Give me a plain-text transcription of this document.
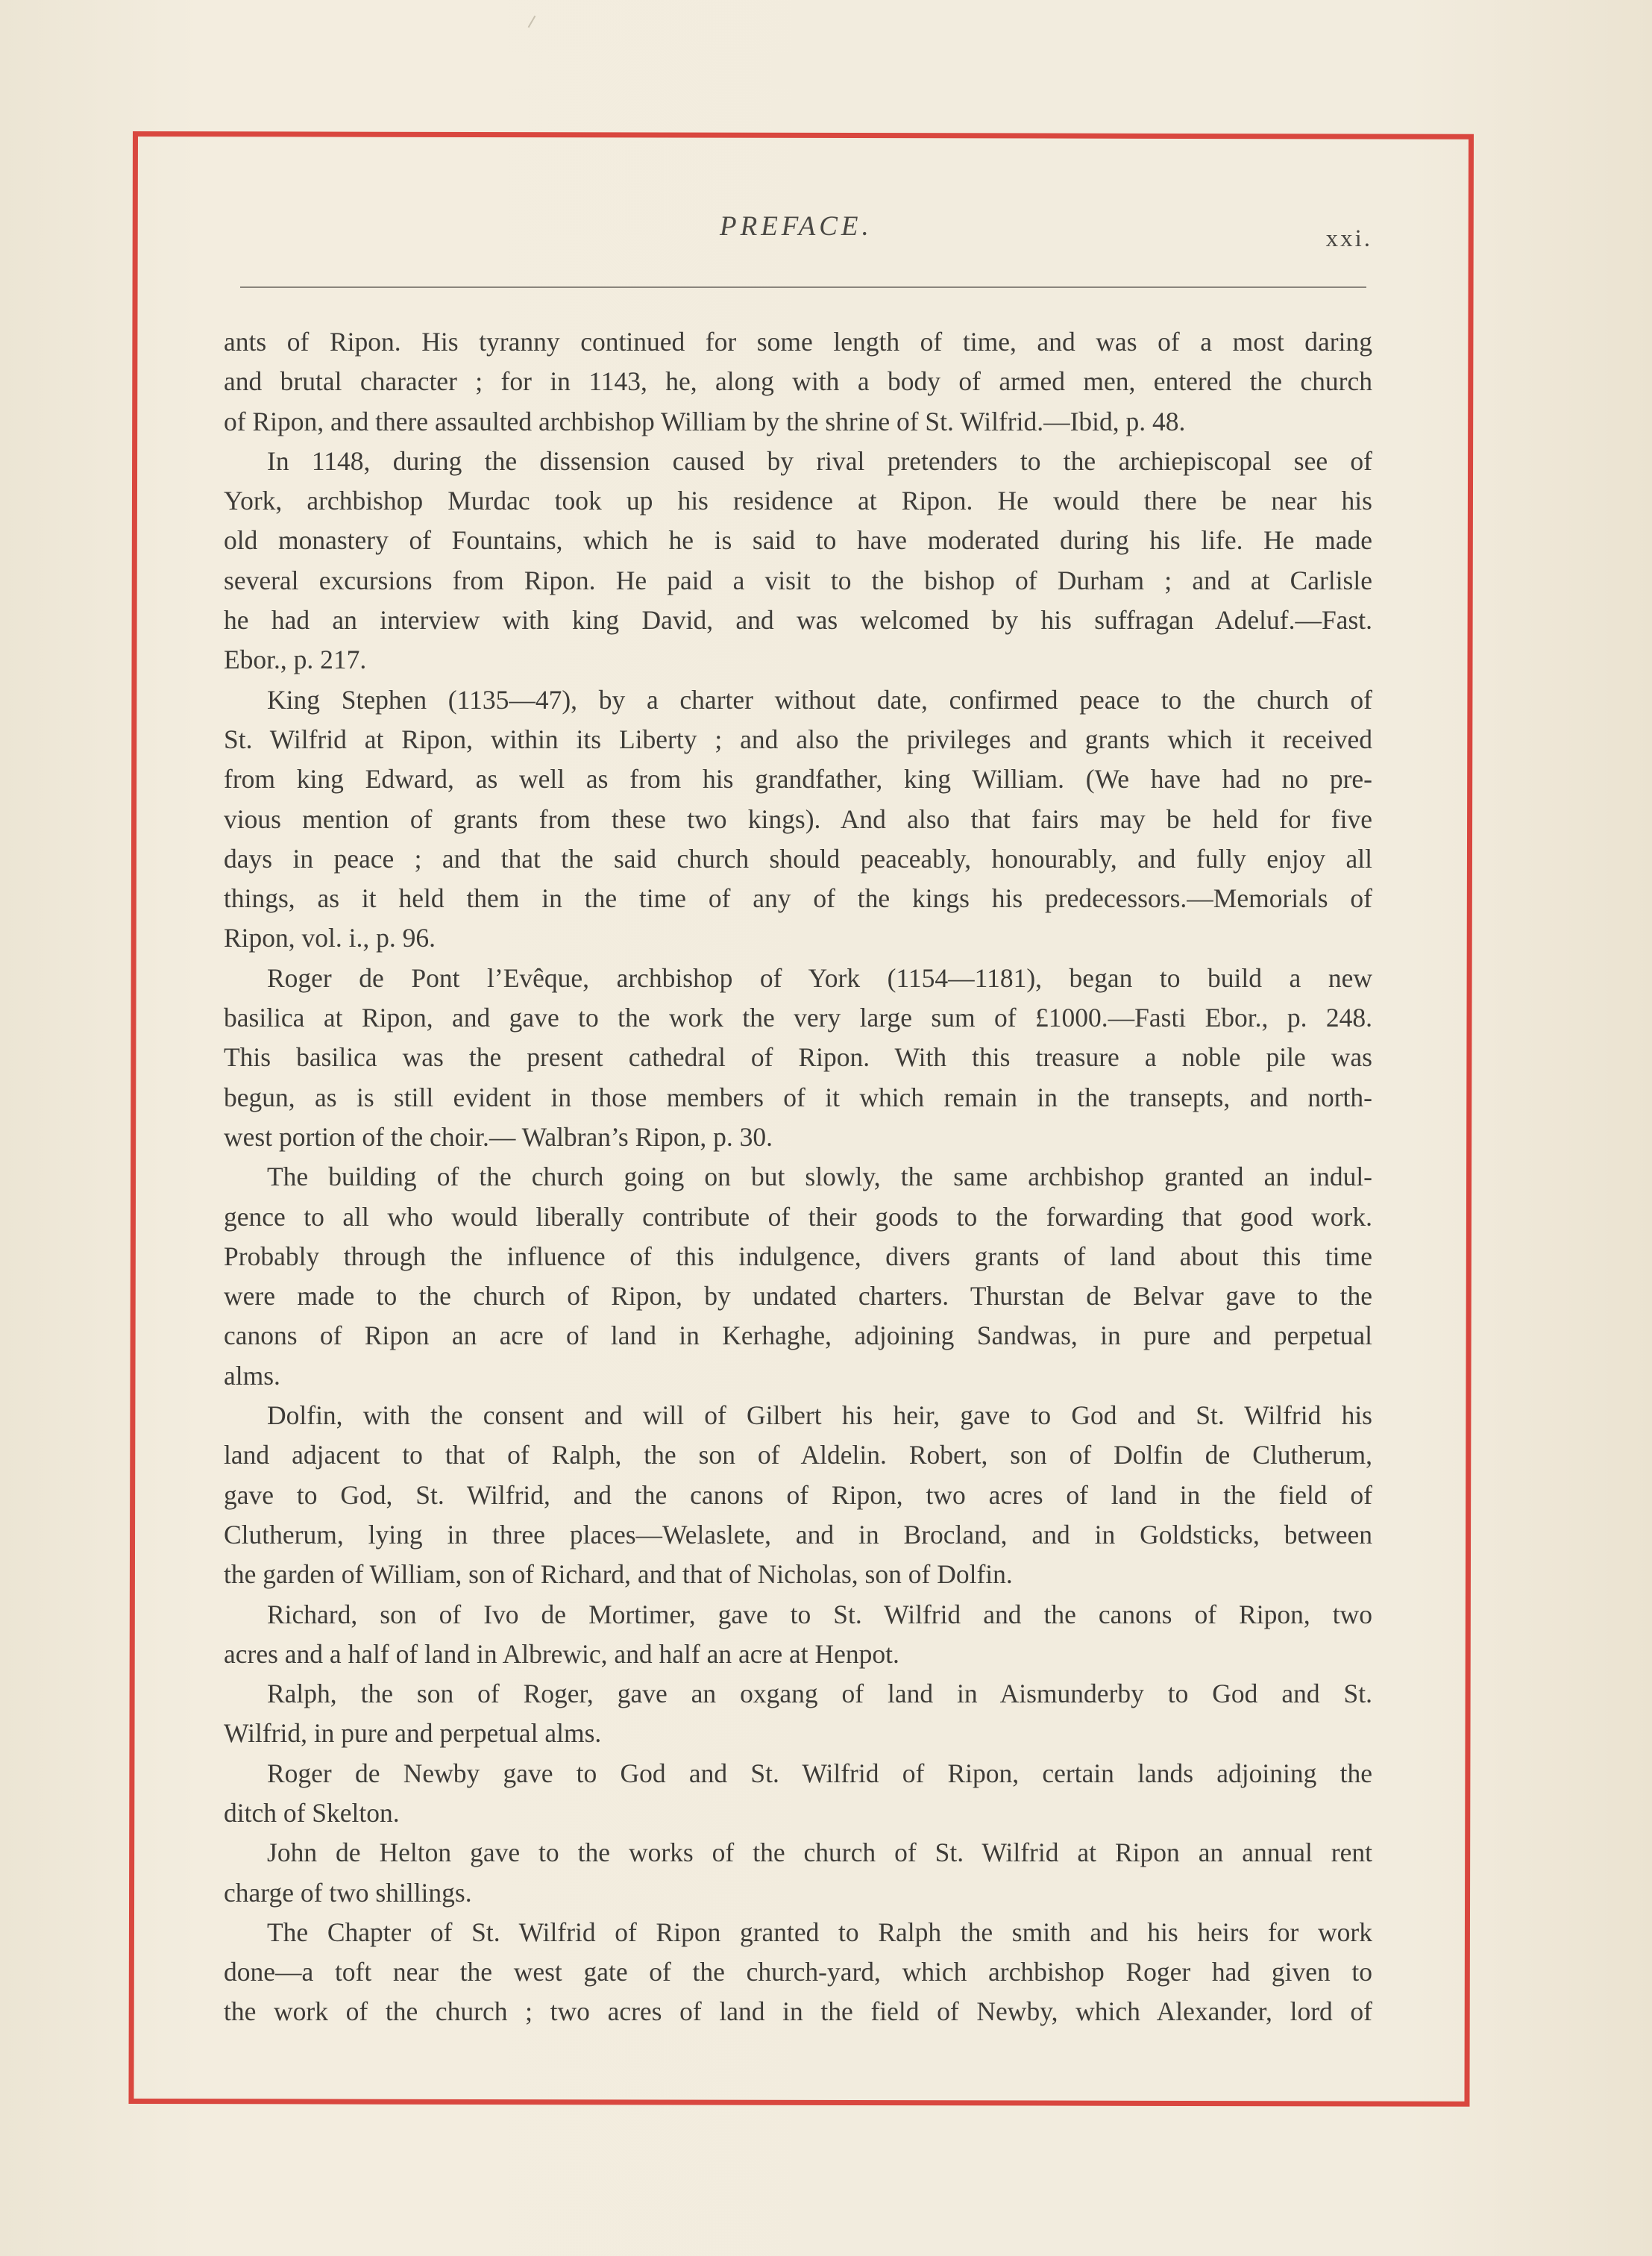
PREFACE.	xxi.
ants of Ripon. His tyranny continued for some length of time, and was of a most daring
and brutal character ; for in 1143, he, along with a body of armed men, entered the church
of Ripon, and there assaulted archbishop William by the shrine of St. Wilfrid.—Ibid, p. 48.
In 1148, during the dissension caused by rival pretenders to the archiepiscopal see of
York, archbishop Murdac took up his residence at Ripon. He would there be near his
old monastery of Fountains, which he is said to have moderated during his life. He made
several excursions from Ripon. He paid a visit to the bishop of Durham ; and at Carlisle
he had an interview with king David, and was welcomed by his suffragan Adeluf.—Fast.
Ebor., p. 217.
King Stephen (1135—47), by a charter without date, confirmed peace to the church of
St. Wilfrid at Ripon, within its Liberty ; and also the privileges and grants which it received
from king Edward, as well as from his grandfather, king William. (We have had no pre-
vious mention of grants from these two kings). And also that fairs may be held for five
days in peace ; and that the said church should peaceably, honourably, and fully enjoy all
things, as it held them in the time of any of the kings his predecessors.—Memorials of
Ripon, vol. i., p. 96.
Roger de Pont l’Evêque, archbishop of York (1154—1181), began to build a new
basilica at Ripon, and gave to the work the very large sum of £1000.—Fasti Ebor., p. 248.
This basilica was the present cathedral of Ripon. With this treasure a noble pile was
begun, as is still evident in those members of it which remain in the transepts, and north-
west portion of the choir.— Walbran’s Ripon, p. 30.
The building of the church going on but slowly, the same archbishop granted an indul-
gence to all who would liberally contribute of their goods to the forwarding that good work.
Probably through the influence of this indulgence, divers grants of land about this time
were made to the church of Ripon, by undated charters. Thurstan de Belvar gave to the
canons of Ripon an acre of land in Kerhaghe, adjoining Sandwas, in pure and perpetual
alms.
Dolfin, with the consent and will of Gilbert his heir, gave to God and St. Wilfrid his
land adjacent to that of Ralph, the son of Aldelin. Robert, son of Dolfin de Clutherum,
gave to God, St. Wilfrid, and the canons of Ripon, two acres of land in the field of
Clutherum, lying in three places—Welaslete, and in Brocland, and in Goldsticks, between
the garden of William, son of Richard, and that of Nicholas, son of Dolfin.
Richard, son of Ivo de Mortimer, gave to St. Wilfrid and the canons of Ripon, two
acres and a half of land in Albrewic, and half an acre at Henpot.
Ralph, the son of Roger, gave an oxgang of land in Aismunderby to God and St.
Wilfrid, in pure and perpetual alms.
Roger de Newby gave to God and St. Wilfrid of Ripon, certain lands adjoining the
ditch of Skelton.
John de Helton gave to the works of the church of St. Wilfrid at Ripon an annual rent
charge of two shillings.
The Chapter of St. Wilfrid of Ripon granted to Ralph the smith and his heirs for work
done—a toft near the west gate of the church-yard, which archbishop Roger had given to
the work of the church ; two acres of land in the field of Newby, which Alexander, lord of
